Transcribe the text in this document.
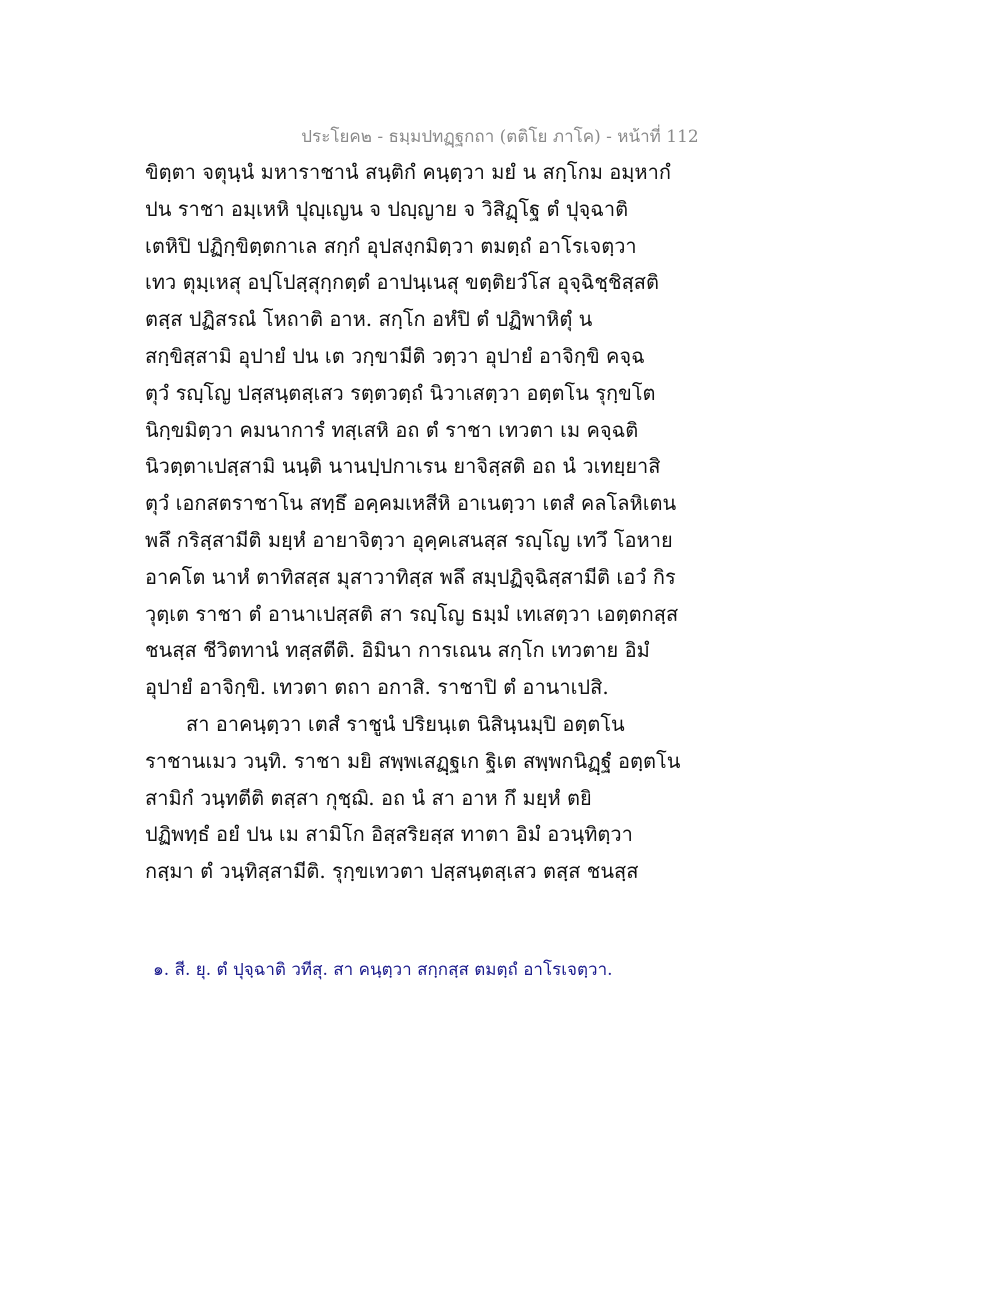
ประโยค๒ - ธมฺมปทฏฺฐกถา (ตติโย ภาโค) - หน้าที่ 112
ขิตฺตา จตุนฺนํ มหาราชานํ สนฺติกํ คนฺตฺวา มยํ น สกฺโกม อมฺหากํ
ปน ราชา อมฺเหหิ ปุญฺเญน จ ปญฺญาย จ วิสิฏฺโฐ ตํ ปุจฺฉาติ
เตหิปิ ปฏิกฺขิตฺตกาเล สกฺกํ อุปสงฺกมิตฺวา ตมตฺถํ อาโรเจตฺวา
เทว ตุมฺเหสุ อปฺโปสฺสุกฺกตฺตํ อาปนฺเนสุ ขตฺติยวํโส อุจฺฉิชฺชิสฺสติ
ตสฺส ปฏิสรณํ โหถาติ อาห. สกฺโก อหํปิ ตํ ปฏิพาหิตุํ น
สกฺขิสฺสามิ อุปายํ ปน เต วกฺขามีติ วตฺวา อุปายํ อาจิกฺขิ คจฺฉ
ตุวํ รญฺโญ ปสฺสนฺตสฺเสว รตฺตวตฺถํ นิวาเสตฺวา อตฺตโน รุกฺขโต
นิกฺขมิตฺวา คมนาการํ ทสฺเสหิ อถ ตํ ราชา เทวตา เม คจฺฉติ
นิวตฺตาเปสฺสามิ นนฺติ นานปฺปกาเรน ยาจิสฺสติ อถ นํ วเทยฺยาสิ
ตุวํ เอกสตราชาโน สทฺธึ อคฺคมเหสีหิ อาเนตฺวา เตสํ คลโลหิเตน
พลึ กริสฺสามีติ มยฺหํ อายาจิตฺวา อุคฺคเสนสฺส รญฺโญ เทวึ โอหาย
อาคโต นาหํ ตาทิสสฺส มุสาวาทิสฺส พลึ สมฺปฏิจฺฉิสฺสามีติ เอวํ กิร
วุตฺเต ราชา ตํ อานาเปสฺสติ สา รญฺโญ ธมฺมํ เทเสตฺวา เอตฺตกสฺส
ชนสฺส ชีวิตทานํ ทสฺสตีติ. อิมินา การเณน สกฺโก เทวตาย อิมํ
อุปายํ อาจิกฺขิ. เทวตา ตถา อกาสิ. ราชาปิ ตํ อานาเปสิ.
สา อาคนฺตฺวา เตสํ ราชูนํ ปริยนฺเต นิสินฺนมฺปิ อตฺตโน
ราชานเมว วนฺทิ. ราชา มยิ สพฺพเสฏฺฐเก ฐิเต สพฺพกนิฏฺฐํ อตฺตโน
สามิกํ วนฺทตีติ ตสฺสา กุชฺฌิ. อถ นํ สา อาห กึ มยฺหํ ตยิ
ปฏิพทฺธํ อยํ ปน เม สามิโก อิสฺสริยสฺส ทาตา อิมํ อวนฺทิตฺวา
กสฺมา ตํ วนฺทิสฺสามีติ. รุกฺขเทวตา ปสฺสนฺตสฺเสว ตสฺส ชนสฺส
๑. สี. ยุ. ตํ ปุจฺฉาติ วทีสุ. สา คนฺตฺวา สกฺกสฺส ตมตฺถํ อาโรเจตฺวา.
